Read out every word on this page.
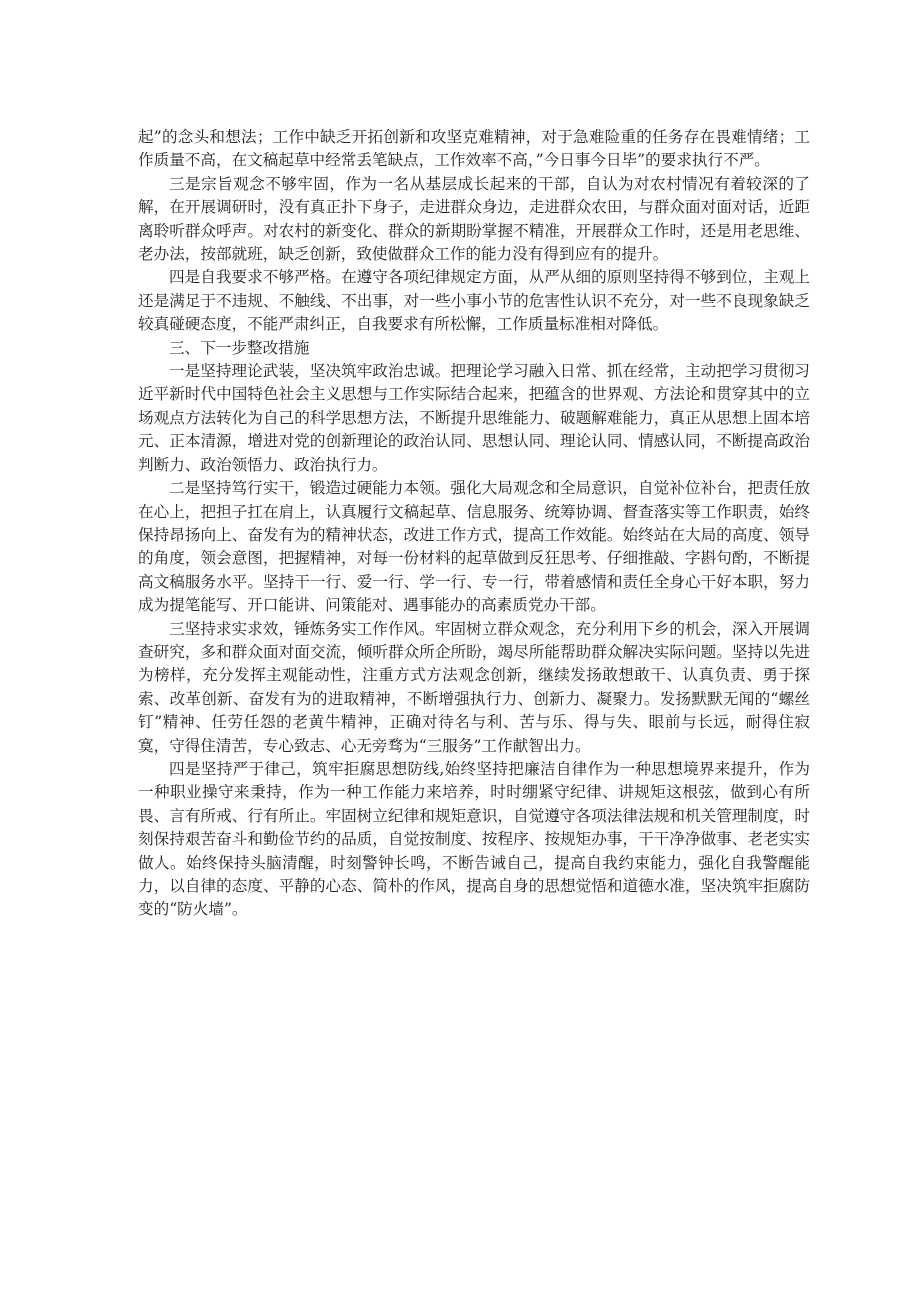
起”的念头和想法；工作中缺乏开拓创新和攻坚克难精神，对于急难险重的任务存在畏难情绪；工作质量不高，在文稿起草中经常丢笔缺点，工作效率不高，”今日事今日毕”的要求执行不严。

三是宗旨观念不够牢固，作为一名从基层成长起来的干部，自认为对农村情况有着较深的了解，在开展调研时，没有真正扑下身子，走进群众身边，走进群众农田，与群众面对面对话，近距离聆听群众呼声。对农村的新变化、群众的新期盼掌握不精准，开展群众工作时，还是用老思维、老办法，按部就班，缺乏创新，致使做群众工作的能力没有得到应有的提升。

四是自我要求不够严格。在遵守各项纪律规定方面，从严从细的原则坚持得不够到位，主观上还是满足于不违规、不触线、不出事，对一些小事小节的危害性认识不充分，对一些不良现象缺乏较真碰硬态度，不能严肃纠正，自我要求有所松懈，工作质量标准相对降低。

三、下一步整改措施

一是坚持理论武装，坚决筑牢政治忠诚。把理论学习融入日常、抓在经常，主动把学习贯彻习近平新时代中国特色社会主义思想与工作实际结合起来，把蕴含的世界观、方法论和贯穿其中的立场观点方法转化为自己的科学思想方法，不断提升思维能力、破题解难能力，真正从思想上固本培元、正本清源，增进对党的创新理论的政治认同、思想认同、理论认同、情感认同，不断提高政治判断力、政治领悟力、政治执行力。

二是坚持笃行实干，锻造过硬能力本领。强化大局观念和全局意识，自觉补位补台，把责任放在心上，把担子扛在肩上，认真履行文稿起草、信息服务、统筹协调、督查落实等工作职责，始终保持昂扬向上、奋发有为的精神状态，改进工作方式，提高工作效能。始终站在大局的高度、领导的角度，领会意图，把握精神，对每一份材料的起草做到反狂思考、仔细推敲、字斟句酌，不断提高文稿服务水平。坚持干一行、爱一行、学一行、专一行，带着感情和责任全身心干好本职，努力成为提笔能写、开口能讲、问策能对、遇事能办的高素质党办干部。

三坚持求实求效，锤炼务实工作作风。牢固树立群众观念，充分利用下乡的机会，深入开展调查研究，多和群众面对面交流，倾听群众所企所盼，竭尽所能帮助群众解决实际问题。坚持以先进为榜样，充分发挥主观能动性，注重方式方法观念创新，继续发扬敢想敢干、认真负责、勇于探索、改革创新、奋发有为的进取精神，不断增强执行力、创新力、凝聚力。发扬默默无闻的“螺丝钉”精神、任劳任怨的老黄牛精神，正确对待名与利、苦与乐、得与失、眼前与长远，耐得住寂寞，守得住清苦，专心致志、心无旁骛为“三服务”工作献智出力。

四是坚持严于律己，筑牢拒腐思想防线,始终坚持把廉洁自律作为一种思想境界来提升，作为一种职业操守来秉持，作为一种工作能力来培养，时时绷紧守纪律、讲规矩这根弦，做到心有所畏、言有所戒、行有所止。牢固树立纪律和规矩意识，自觉遵守各项法律法规和机关管理制度，时刻保持艰苦奋斗和勤俭节约的品质，自觉按制度、按程序、按规矩办事，干干净净做事、老老实实做人。始终保持头脑清醒，时刻警钟长鸣，不断告诫自己，提高自我约束能力，强化自我警醒能力，以自律的态度、平静的心态、简朴的作风，提高自身的思想觉悟和道德水准，坚决筑牢拒腐防变的“防火墙”。
